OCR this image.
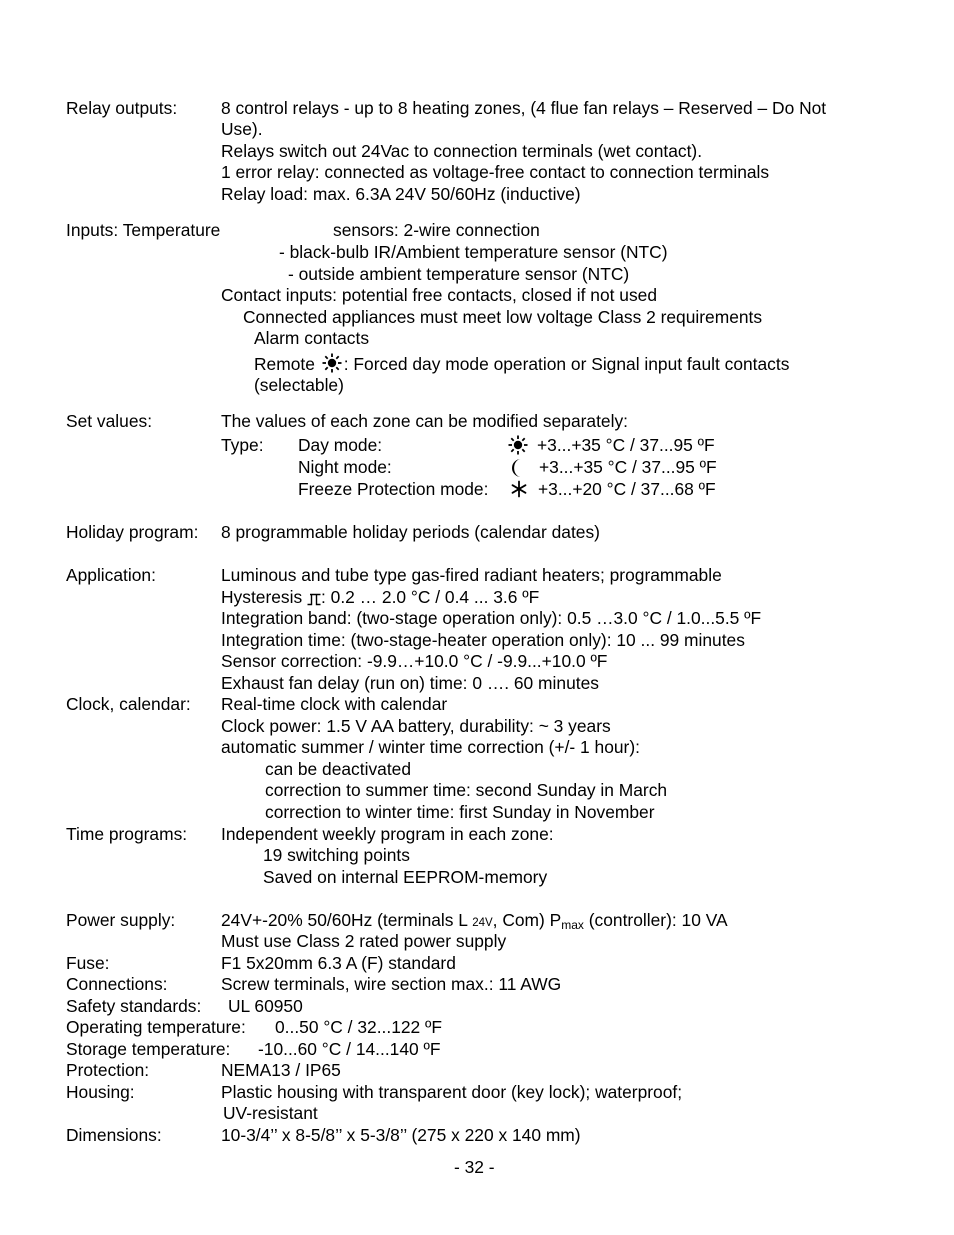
Relay outputs:	8 control relays - up to 8 heating zones, (4 flue fan relays – Reserved – Do Not
Use).
Relays switch out 24Vac to connection terminals (wet contact).
1 error relay: connected as voltage-free contact to connection terminals
Relay load: max. 6.3A 24V 50/60Hz (inductive)
Inputs: Temperature	sensors: 2-wire connection
- black-bulb IR/Ambient temperature sensor (NTC)
- outside ambient temperature sensor (NTC)
Contact inputs: potential free contacts, closed if not used
Connected appliances must meet low voltage Class 2 requirements
Alarm contacts
Remote : Forced day mode operation or Signal input fault contacts
(selectable)
Set values:	The values of each zone can be modified separately:
Type: Day mode:	+3...+35 °C / 37...95 ºF
Night mode:	+3...+35 °C / 37...95 ºF
Freeze Protection mode:	+3...+20 °C / 37...68 ºF
Holiday program: 8 programmable holiday periods (calendar dates)
Application:	Luminous and tube type gas-fired radiant heaters; programmable
Hysteresis : 0.2 … 2.0 °C / 0.4 ... 3.6 ºF
Integration band: (two-stage operation only): 0.5 …3.0 °C / 1.0...5.5 ºF
Integration time: (two-stage-heater operation only): 10 ... 99 minutes
Sensor correction: -9.9…+10.0 °C / -9.9...+10.0 ºF
Exhaust fan delay (run on) time: 0 …. 60 minutes
Clock, calendar: Real-time clock with calendar
Clock power: 1.5 V AA battery, durability: ~ 3 years
automatic summer / winter time correction (+/- 1 hour):
can be deactivated
correction to summer time: second Sunday in March
correction to winter time: first Sunday in November
Time programs: Independent weekly program in each zone:
19 switching points
Saved on internal EEPROM-memory
Power supply:	24V+-20% 50/60Hz (terminals L 24V, Com) $P_{max}$ (controller): 10 VA
Must use Class 2 rated power supply
Fuse:	F1 5x20mm 6.3 A (F) standard
Connections:	Screw terminals, wire section max.: 11 AWG
Safety standards: UL 60950
Operating temperature: 0...50 °C / 32...122 ºF
Storage temperature: -10...60 °C / 14...140 ºF
Protection:	NEMA13 / IP65
Housing:	Plastic housing with transparent door (key lock); waterproof;
UV-resistant
Dimensions:	10-3/4’’ x 8-5/8’’ x 5-3/8’’ (275 x 220 x 140 mm)
- 32 -
